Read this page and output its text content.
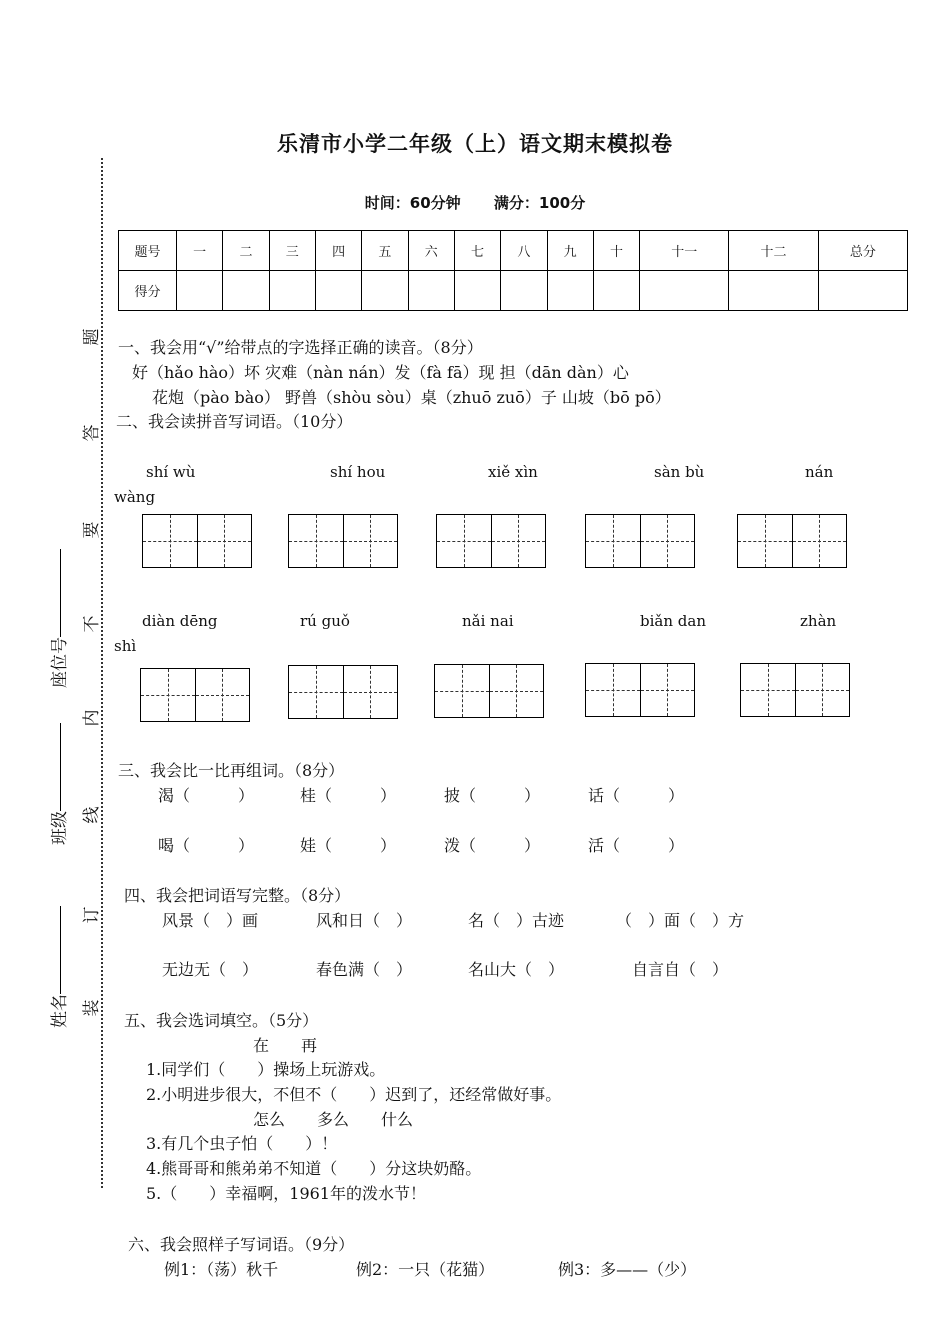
乐清市小学二年级（上）语文期末模拟卷
时间：60分钟 满分：100分
题号	一	二	三	四	五	六	七	八	九	十	十一	十二	总分
得分													
题
答
要
不
内
线
订
装
座位号
班级
姓名
一、我会用“√”给带点的字选择正确的读音。（8分）
好（hǎo hào）坏 灾难（nàn nán）发（fà fā）现 担（dān dàn）心
花炮（pào bào） 野兽（shòu sòu）桌（zhuō zuō）子 山坡（bō pō）
二、我会读拼音写词语。（10分）
shí wù	shí hou	xiě xìn	sàn bù	nán
wàng
diàn dēng	rú guǒ	nǎi nai	biǎn dan	zhàn
shì
三、我会比一比再组词。（8分）
渴（　　　）	桂（　　　）	披（　　　）	话（　　　）
喝（　　　）	娃（　　　）	泼（　　　）	活（　　　）
四、我会把词语写完整。（8分）
风景（　）画	风和日（　）	名（　）古迹	（　）面（　）方
无边无（　）	春色满（　）	名山大（　）	自言自（　）
五、我会选词填空。（5分）
在　　再
1.同学们（　　）操场上玩游戏。
2.小明进步很大，不但不（　　）迟到了，还经常做好事。
怎么　　多么　　什么
3.有几个虫子怕（　　）！
4.熊哥哥和熊弟弟不知道（　　）分这块奶酪。
5.（　　）幸福啊，1961年的泼水节！
六、我会照样子写词语。（9分）
例1：（荡）秋千	例2：一只（花猫）	例3：多——（少）
